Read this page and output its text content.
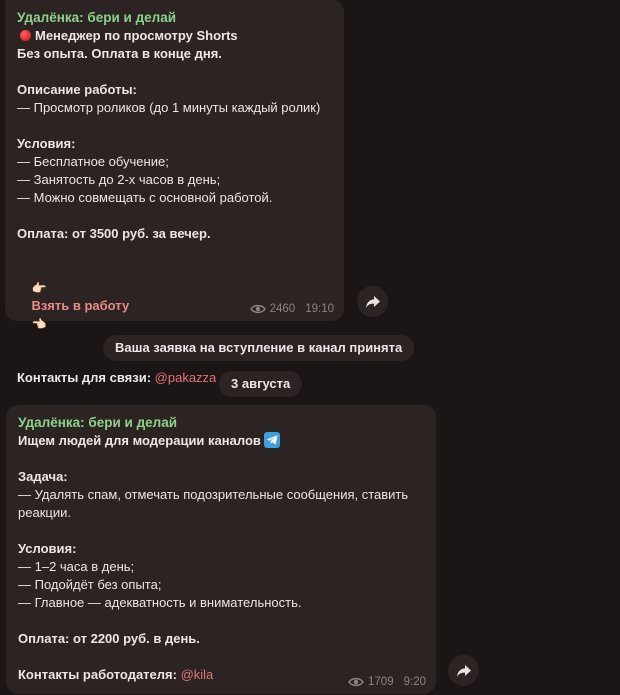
Удалёнка: бери и делай
Менеджер по просмотру Shorts
Без опыта. Оплата в конце дня.
Описание работы:
— Просмотр роликов (до 1 минуты каждый ролик)
Условия:
— Бесплатное обучение;
— Занятость до 2-х часов в день;
— Можно совмещать с основной работой.
Оплата: от 3500 руб. за вечер.

👉🏻
Взять в работу
👈🏻

Контакты для связи: @pakazza
2460 19:10
Ваша заявка на вступление в канал принята
3 августа
Удалёнка: бери и делай
Ищем людей для модерации каналов
Задача:
— Удалять спам, отмечать подозрительные сообщения, ставить
реакции.
Условия:
— 1–2 часа в день;
— Подойдёт без опыта;
— Главное — адекватность и внимательность.
Оплата: от 2200 руб. в день.
Контакты работодателя: @kila	1709 9:20
